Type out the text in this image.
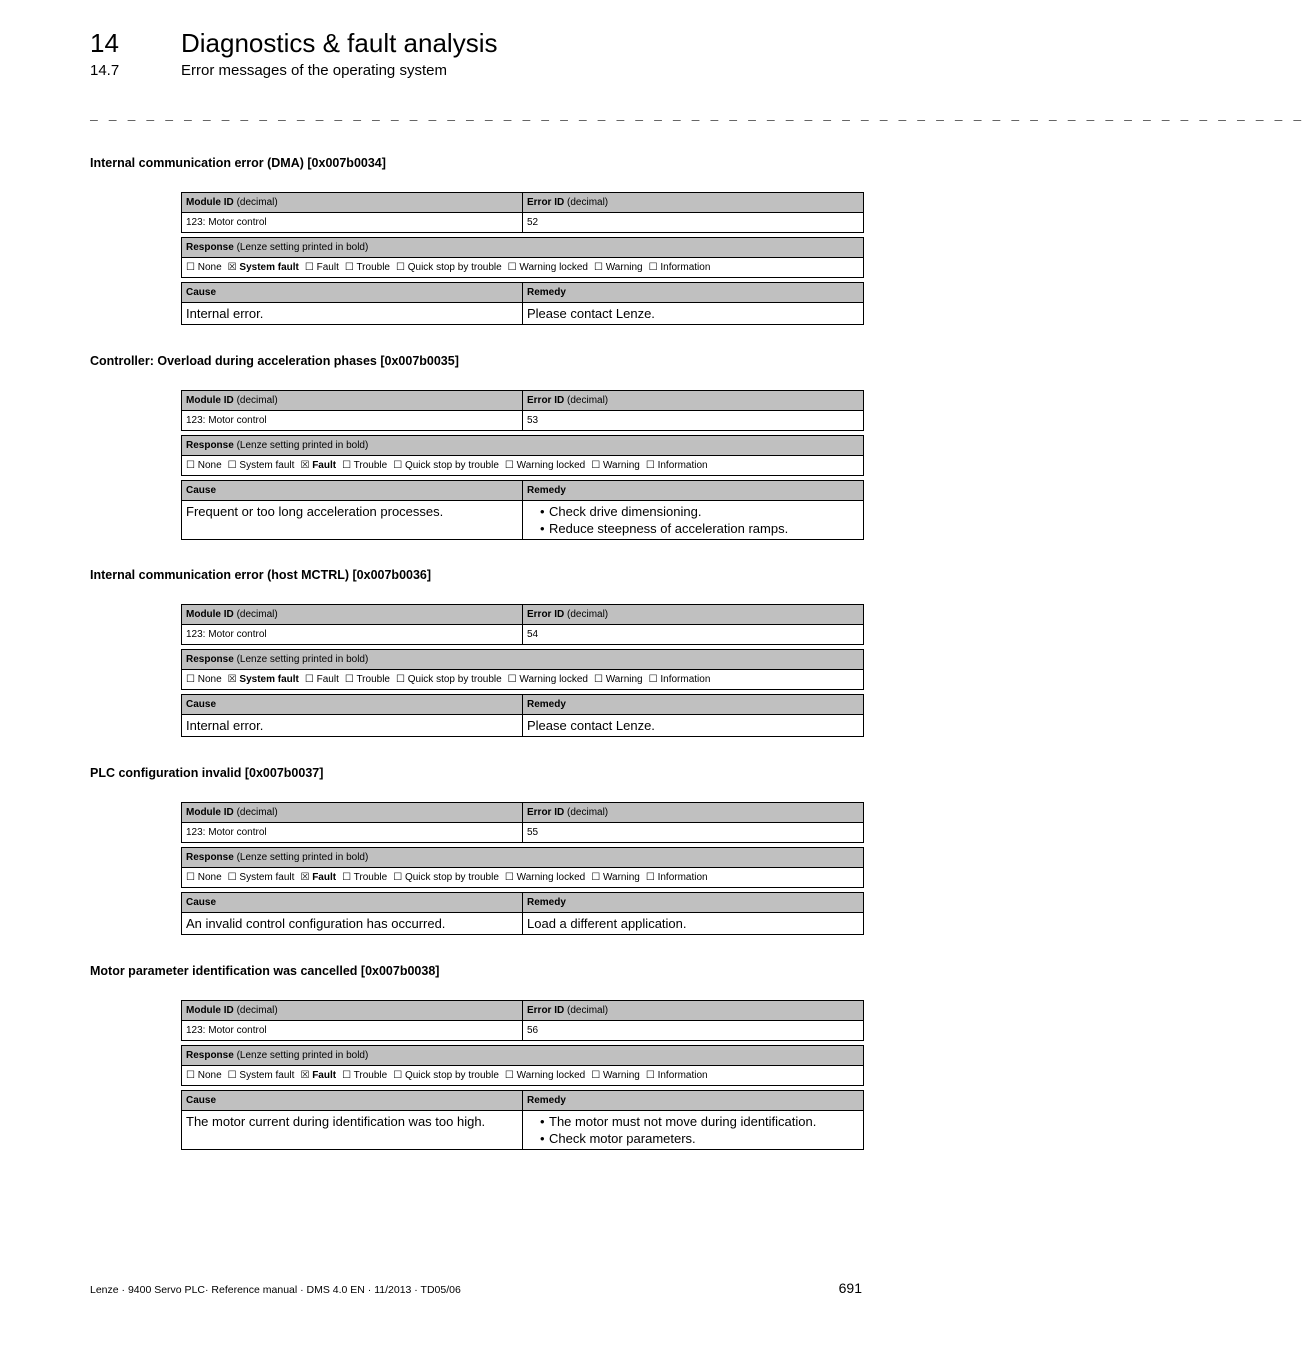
14 Diagnostics & fault analysis
14.7	Error messages of the operating system
_ _ _ _ _ _ _ _ _ _ _ _ _ _ _ _ _ _ _ _ _ _ _ _ _ _ _ _ _ _ _ _ _ _ _ _ _ _ _ _ _ _ _ _ _ _ _ _ _ _ _ _ _ _ _ _ _ _ _ _ _ _ _ _ _
Internal communication error (DMA) [0x007b0034]
Module ID (decimal)	Error ID (decimal)
123: Motor control	52
Response (Lenze setting printed in bold)
☐ None ☒ System fault ☐ Fault ☐ Trouble ☐ Quick stop by trouble ☐ Warning locked ☐ Warning ☐ Information
Cause	Remedy
Internal error.	Please contact Lenze.
Controller: Overload during acceleration phases [0x007b0035]
Module ID (decimal)	Error ID (decimal)
123: Motor control	53
Response (Lenze setting printed in bold)
☐ None ☐ System fault ☒ Fault ☐ Trouble ☐ Quick stop by trouble ☐ Warning locked ☐ Warning ☐ Information
Cause	Remedy
Frequent or too long acceleration processes.	• Check drive dimensioning.
• Reduce steepness of acceleration ramps.
Internal communication error (host MCTRL) [0x007b0036]
Module ID (decimal)	Error ID (decimal)
123: Motor control	54
Response (Lenze setting printed in bold)
☐ None ☒ System fault ☐ Fault ☐ Trouble ☐ Quick stop by trouble ☐ Warning locked ☐ Warning ☐ Information
Cause	Remedy
Internal error.	Please contact Lenze.
PLC configuration invalid [0x007b0037]
Module ID (decimal)	Error ID (decimal)
123: Motor control	55
Response (Lenze setting printed in bold)
☐ None ☐ System fault ☒ Fault ☐ Trouble ☐ Quick stop by trouble ☐ Warning locked ☐ Warning ☐ Information
Cause	Remedy
An invalid control configuration has occurred.	Load a different application.
Motor parameter identification was cancelled [0x007b0038]
Module ID (decimal)	Error ID (decimal)
123: Motor control	56
Response (Lenze setting printed in bold)
☐ None ☐ System fault ☒ Fault ☐ Trouble ☐ Quick stop by trouble ☐ Warning locked ☐ Warning ☐ Information
Cause	Remedy
The motor current during identification was too high.	• The motor must not move during identification.
• Check motor parameters.
Lenze · 9400 Servo PLC· Reference manual · DMS 4.0 EN · 11/2013 · TD05/06	691
